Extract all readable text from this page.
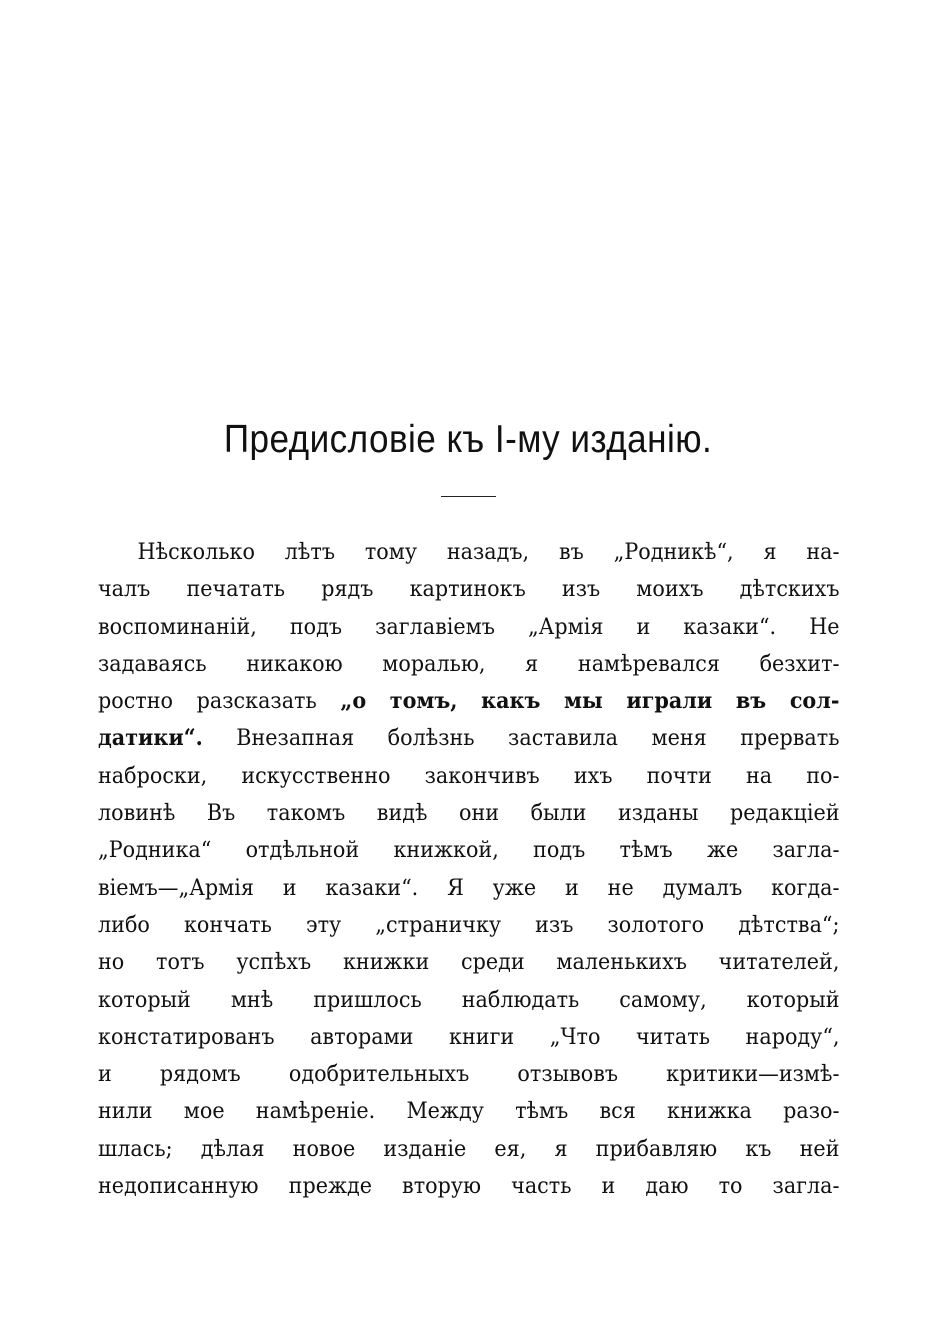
Предисловіе къ I-му изданію.
Нѣсколько лѣтъ тому назадъ, въ „Родникѣ“, я на-
чалъ печатать рядъ картинокъ изъ моихъ дѣтскихъ
воспоминаній, подъ заглавіемъ „Армія и казаки“. Не
задаваясь никакою моралью, я намѣревался безхит-
ростно разсказать „о томъ, какъ мы играли въ сол-
датики“. Внезапная болѣзнь заставила меня прервать
наброски, искусственно закончивъ ихъ почти на по-
ловинѣ Въ такомъ видѣ они были изданы редакціей
„Родника“ отдѣльной книжкой, подъ тѣмъ же загла-
віемъ—„Армія и казаки“. Я уже и не думалъ когда-
либо кончать эту „страничку изъ золотого дѣтства“;
но тотъ успѣхъ книжки среди маленькихъ читателей,
который мнѣ пришлось наблюдать самому, который
констатированъ авторами книги „Что читать народу“,
и рядомъ одобрительныхъ отзывовъ критики—измѣ-
нили мое намѣреніе. Между тѣмъ вся книжка разо-
шлась; дѣлая новое изданіе ея, я прибавляю къ ней
недописанную прежде вторую часть и даю то загла-
